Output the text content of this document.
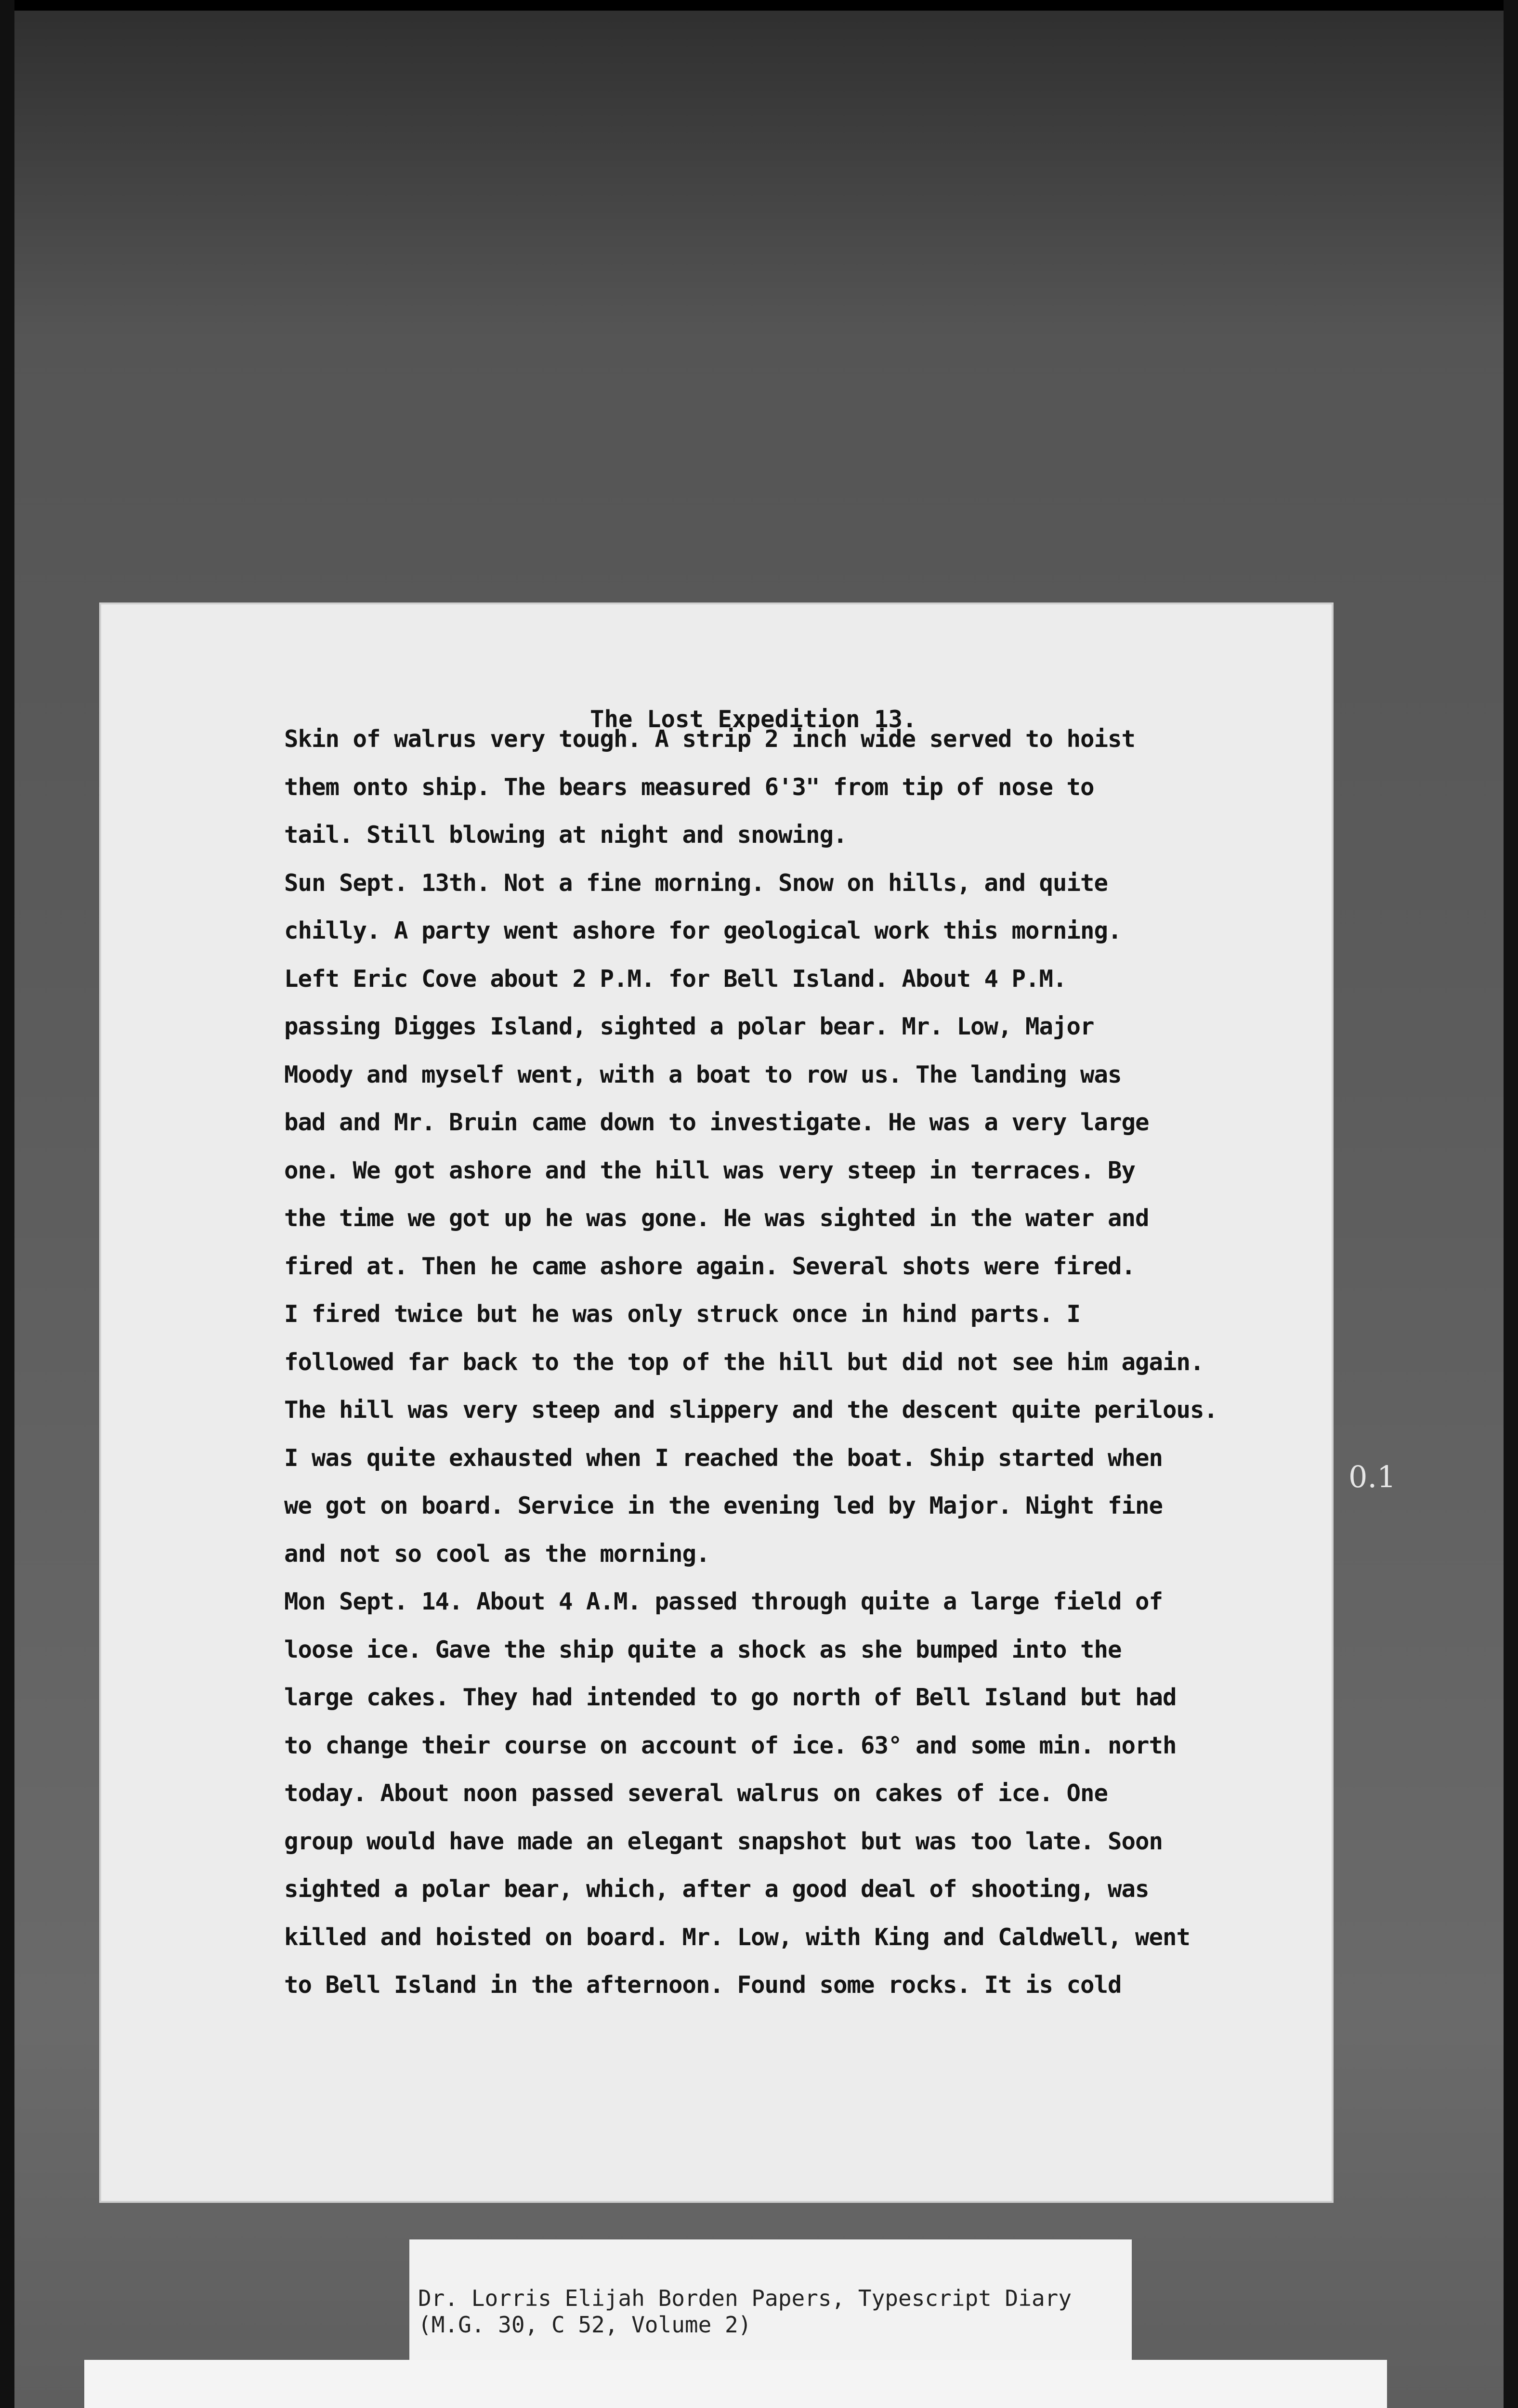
The Lost Expedition 13.
Skin of walrus very tough. A strip 2 inch wide served to hoist
them onto ship. The bears measured 6'3" from tip of nose to
tail. Still blowing at night and snowing.
Sun Sept. 13th. Not a fine morning. Snow on hills, and quite
chilly. A party went ashore for geological work this morning.
Left Eric Cove about 2 P.M. for Bell Island. About 4 P.M.
passing Digges Island, sighted a polar bear. Mr. Low, Major
Moody and myself went, with a boat to row us. The landing was
bad and Mr. Bruin came down to investigate. He was a very large
one. We got ashore and the hill was very steep in terraces. By
the time we got up he was gone. He was sighted in the water and
fired at. Then he came ashore again. Several shots were fired.
I fired twice but he was only struck once in hind parts. I
followed far back to the top of the hill but did not see him again.
The hill was very steep and slippery and the descent quite perilous.
I was quite exhausted when I reached the boat. Ship started when
we got on board. Service in the evening led by Major. Night fine
and not so cool as the morning.
Mon Sept. 14. About 4 A.M. passed through quite a large field of
loose ice. Gave the ship quite a shock as she bumped into the
large cakes. They had intended to go north of Bell Island but had
to change their course on account of ice. 63° and some min. north
today. About noon passed several walrus on cakes of ice. One
group would have made an elegant snapshot but was too late. Soon
sighted a polar bear, which, after a good deal of shooting, was
killed and hoisted on board. Mr. Low, with King and Caldwell, went
to Bell Island in the afternoon. Found some rocks. It is cold
0.1
Dr. Lorris Elijah Borden Papers, Typescript Diary
(M.G. 30, C 52, Volume 2)
